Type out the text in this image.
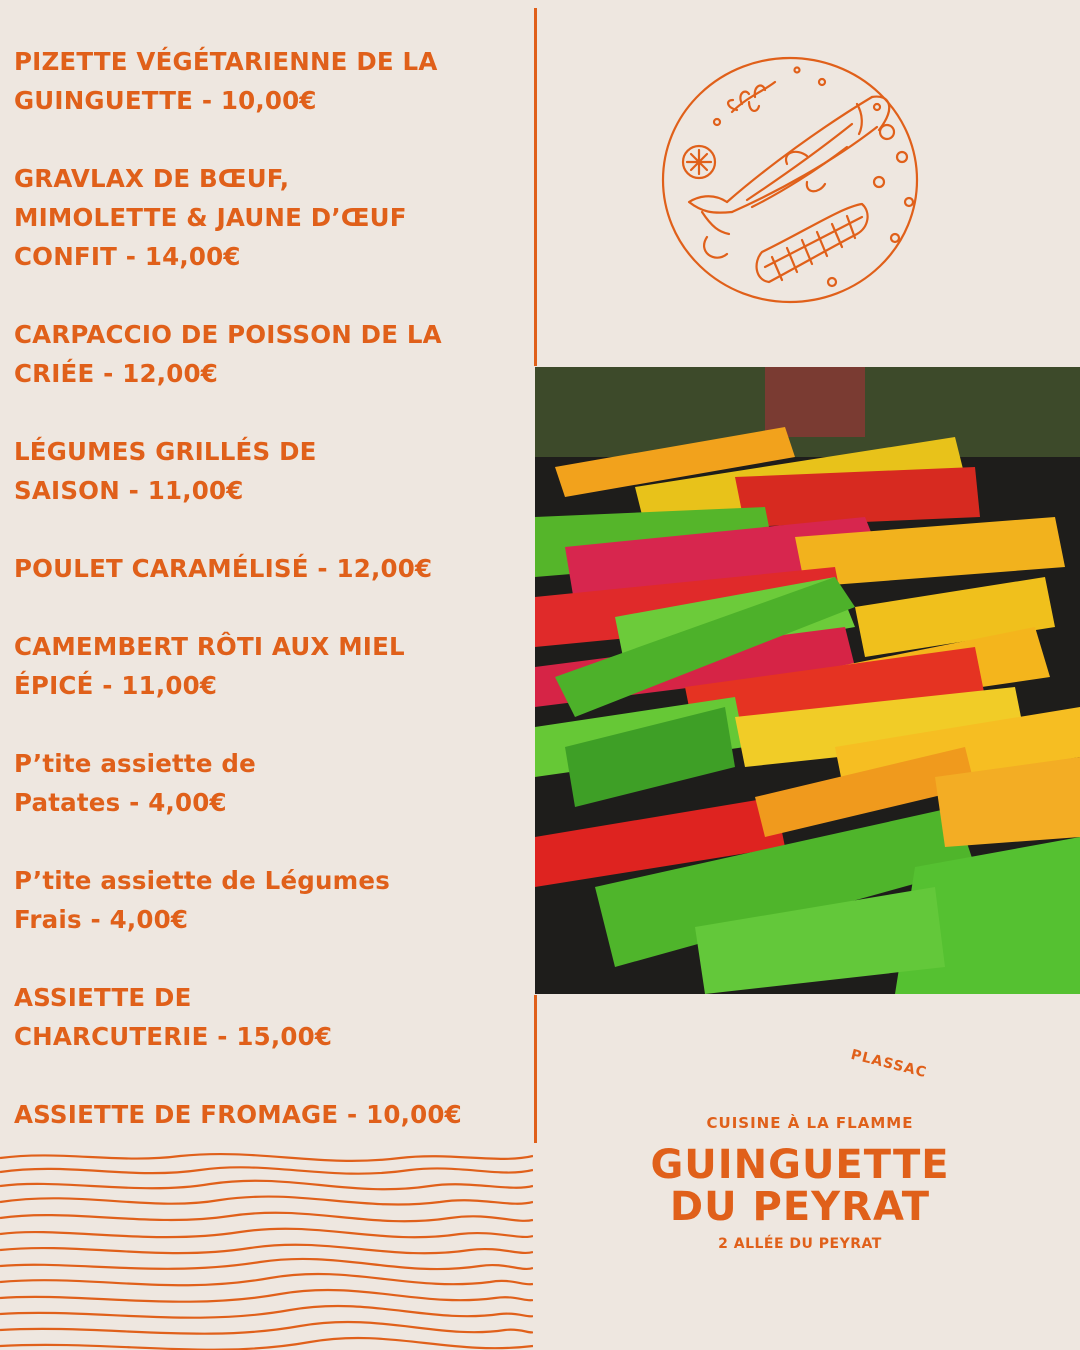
PIZETTE VÉGÉTARIENNE DE LA
GUINGUETTE - 10,00€
GRAVLAX DE BŒUF,
MIMOLETTE & JAUNE D’ŒUF
CONFIT - 14,00€
CARPACCIO DE POISSON DE LA
CRIÉE - 12,00€
LÉGUMES GRILLÉS DE
SAISON - 11,00€
POULET CARAMÉLISÉ - 12,00€
CAMEMBERT RÔTI AUX MIEL
ÉPICÉ - 11,00€
P’tite assiette de
Patates - 4,00€
P’tite assiette de Légumes
Frais - 4,00€
ASSIETTE DE
CHARCUTERIE - 15,00€
ASSIETTE DE FROMAGE - 10,00€
PLASSAC
CUISINE À LA FLAMME
GUINGUETTE
DU PEYRAT
2 ALLÉE DU PEYRAT
